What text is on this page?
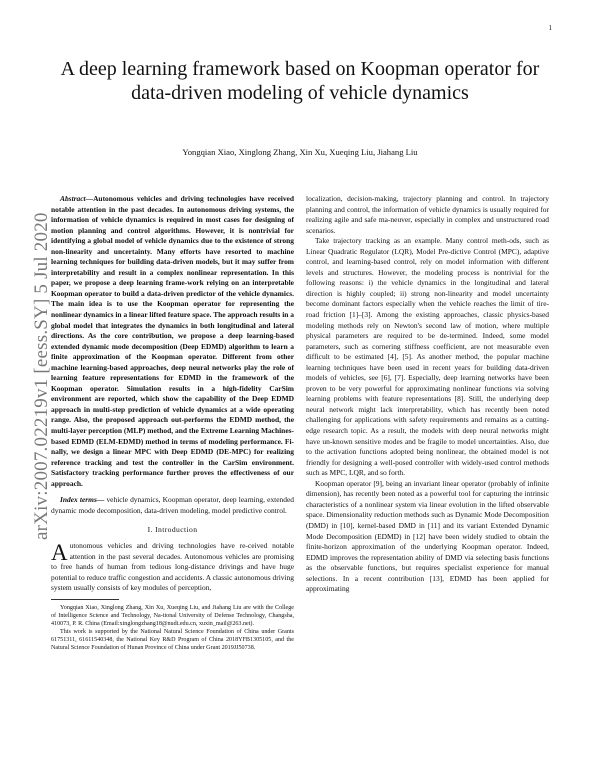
1
arXiv:2007.02219v1 [eess.SY] 5 Jul 2020
A deep learning framework based on Koopman operator for data-driven modeling of vehicle dynamics
Yongqian Xiao, Xinglong Zhang, Xin Xu, Xueqing Liu, Jiahang Liu

Abstract—Autonomous vehicles and driving technologies have received notable attention in the past decades. In autonomous driving systems, the information of vehicle dynamics is required in most cases for designing of motion planning and control algorithms. However, it is nontrivial for identifying a global model of vehicle dynamics due to the existence of strong non-linearity and uncertainty. Many efforts have resorted to machine learning techniques for building data-driven models, but it may suffer from interpretability and result in a complex nonlinear representation. In this paper, we propose a deep learning frame-work relying on an interpretable Koopman operator to build a data-driven predictor of the vehicle dynamics. The main idea is to use the Koopman operator for representing the nonlinear dynamics in a linear lifted feature space. The approach results in a global model that integrates the dynamics in both longitudinal and lateral directions. As the core contribution, we propose a deep learning-based extended dynamic mode decomposition (Deep EDMD) algorithm to learn a finite approximation of the Koopman operator. Different from other machine learning-based approaches, deep neural networks play the role of learning feature representations for EDMD in the framework of the Koopman operator. Simulation results in a high-fidelity CarSim environment are reported, which show the capability of the Deep EDMD approach in multi-step prediction of vehicle dynamics at a wide operating range. Also, the proposed approach out-performs the EDMD method, the multi-layer perception (MLP) method, and the Extreme Learning Machines-based EDMD (ELM-EDMD) method in terms of modeling performance. Fi-nally, we design a linear MPC with Deep EDMD (DE-MPC) for realizing reference tracking and test the controller in the CarSim environment. Satisfactory tracking performance further proves the effectiveness of our approach.

Index terms— vehicle dynamics, Koopman operator, deep learning, extended dynamic mode decomposition, data-driven modeling, model predictive control.

I. Introduction

Autonomous vehicles and driving technologies have re-ceived notable attention in the past several decades. Autonomous vehicles are promising to free hands of human from tedious long-distance drivings and have huge potential to reduce traffic congestion and accidents. A classic autonomous driving system usually consists of key modules of perception,

Yongqian Xiao, Xinglong Zhang, Xin Xu, Xueqing Liu, and Jiahang Liu are with the College of Intelligence Science and Technology, Na-tional University of Defense Technology, Changsha, 410073, P. R. China (Email:xinglongzhang18@nudt.edu.cn, xuxin_mail@263.net).

This work is supported by the National Natural Science Foundation of China under Grants 61751311, 61611540348, the National Key R&D Program of China 2018YFB1305105, and the Natural Science Foundation of Hunan Province of China under Grant 2019JJ50738.

localization, decision-making, trajectory planning and control. In trajectory planning and control, the information of vehicle dynamics is usually required for realizing agile and safe ma-neuver, especially in complex and unstructured road scenarios.

Take trajectory tracking as an example. Many control meth-ods, such as Linear Quadratic Regulator (LQR), Model Pre-dictive Control (MPC), adaptive control, and learning-based control, rely on model information with different levels and structures. However, the modeling process is nontrivial for the following reasons: i) the vehicle dynamics in the longitudinal and lateral direction is highly coupled; ii) strong non-linearity and model uncertainty become dominant factors especially when the vehicle reaches the limit of tire-road friction [1]–[3]. Among the existing approaches, classic physics-based modeling methods rely on Newton's second law of motion, where multiple physical parameters are required to be de-termined. Indeed, some model parameters, such as cornering stiffness coefficient, are not measurable even difficult to be estimated [4], [5]. As another method, the popular machine learning techniques have been used in recent years for building data-driven models of vehicles, see [6], [7]. Especially, deep learning networks have been proven to be very powerful for approximating nonlinear functions via solving learning problems with feature representations [8]. Still, the underlying deep neural network might lack interpretability, which has recently been noted challenging for applications with safety requirements and remains as a cutting-edge research topic. As a result, the models with deep neural networks might have un-known sensitive modes and be fragile to model uncertainties. Also, due to the activation functions adopted being nonlinear, the obtained model is not friendly for designing a well-posed controller with widely-used control methods such as MPC, LQR, and so forth.

Koopman operator [9], being an invariant linear operator (probably of infinite dimension), has recently been noted as a powerful tool for capturing the intrinsic characteristics of a nonlinear system via linear evolution in the lifted observable space. Dimensionality reduction methods such as Dynamic Mode Decomposition (DMD) in [10], kernel-based DMD in [11] and its variant Extended Dynamic Mode Decomposition (EDMD) in [12] have been widely studied to obtain the finite-horizon approximation of the underlying Koopman operator. Indeed, EDMD improves the representation ability of DMD via selecting basis functions as the observable functions, but requires specialist experience for manual selections. In a recent contribution [13], EDMD has been applied for approximating
